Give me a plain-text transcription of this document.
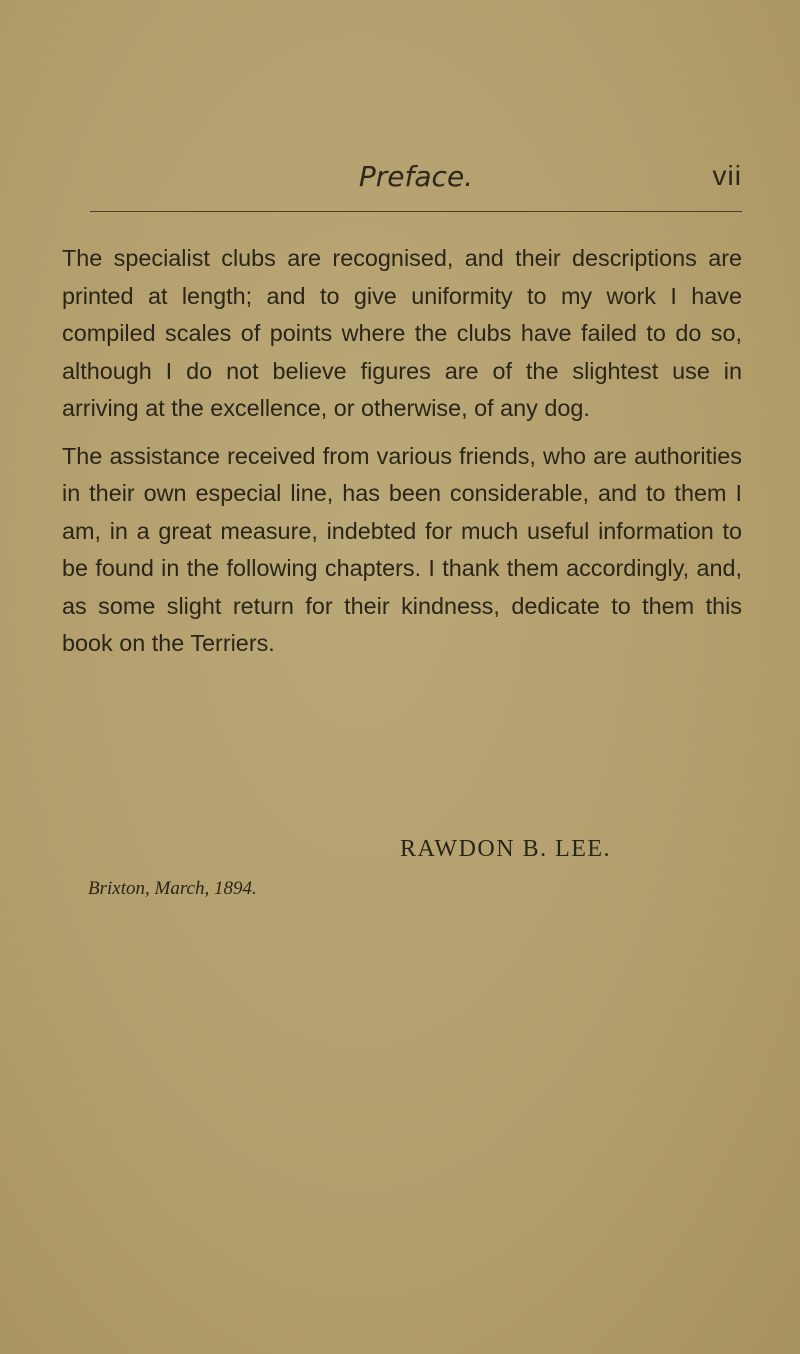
Preface.	vii

The specialist clubs are recognised, and their descriptions are printed at length; and to give uniformity to my work I have compiled scales of points where the clubs have failed to do so, although I do not believe figures are of the slightest use in arriving at the excellence, or otherwise, of any dog.

The assistance received from various friends, who are authorities in their own especial line, has been considerable, and to them I am, in a great measure, indebted for much useful information to be found in the following chapters. I thank them accordingly, and, as some slight return for their kindness, dedicate to them this book on the Terriers.

RAWDON B. LEE.
Brixton, March, 1894.
